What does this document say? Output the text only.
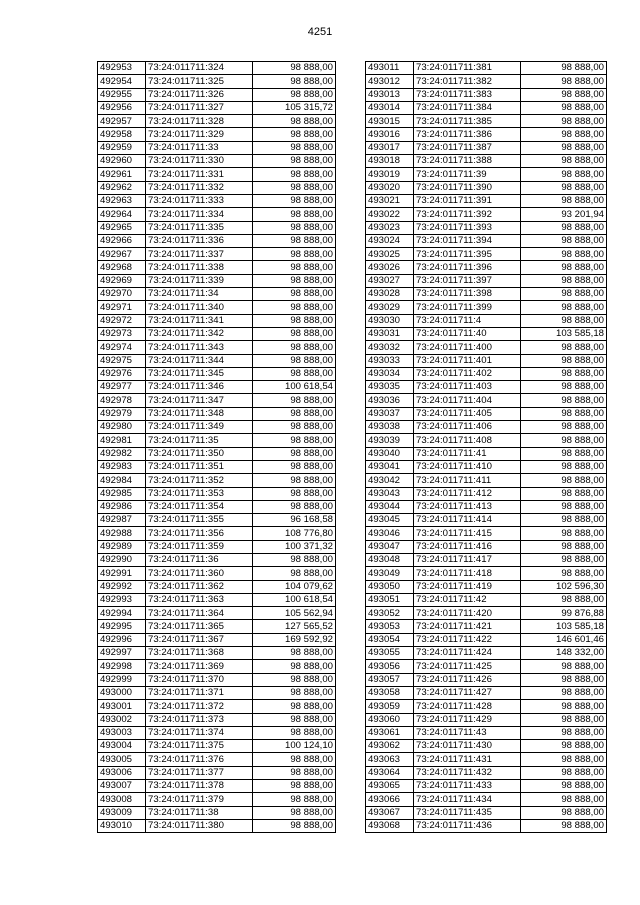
4251
492953	73:24:011711:324	98 888,00
492954	73:24:011711:325	98 888,00
492955	73:24:011711:326	98 888,00
492956	73:24:011711:327	105 315,72
492957	73:24:011711:328	98 888,00
492958	73:24:011711:329	98 888,00
492959	73:24:011711:33	98 888,00
492960	73:24:011711:330	98 888,00
492961	73:24:011711:331	98 888,00
492962	73:24:011711:332	98 888,00
492963	73:24:011711:333	98 888,00
492964	73:24:011711:334	98 888,00
492965	73:24:011711:335	98 888,00
492966	73:24:011711:336	98 888,00
492967	73:24:011711:337	98 888,00
492968	73:24:011711:338	98 888,00
492969	73:24:011711:339	98 888,00
492970	73:24:011711:34	98 888,00
492971	73:24:011711:340	98 888,00
492972	73:24:011711:341	98 888,00
492973	73:24:011711:342	98 888,00
492974	73:24:011711:343	98 888,00
492975	73:24:011711:344	98 888,00
492976	73:24:011711:345	98 888,00
492977	73:24:011711:346	100 618,54
492978	73:24:011711:347	98 888,00
492979	73:24:011711:348	98 888,00
492980	73:24:011711:349	98 888,00
492981	73:24:011711:35	98 888,00
492982	73:24:011711:350	98 888,00
492983	73:24:011711:351	98 888,00
492984	73:24:011711:352	98 888,00
492985	73:24:011711:353	98 888,00
492986	73:24:011711:354	98 888,00
492987	73:24:011711:355	96 168,58
492988	73:24:011711:356	108 776,80
492989	73:24:011711:359	100 371,32
492990	73:24:011711:36	98 888,00
492991	73:24:011711:360	98 888,00
492992	73:24:011711:362	104 079,62
492993	73:24:011711:363	100 618,54
492994	73:24:011711:364	105 562,94
492995	73:24:011711:365	127 565,52
492996	73:24:011711:367	169 592,92
492997	73:24:011711:368	98 888,00
492998	73:24:011711:369	98 888,00
492999	73:24:011711:370	98 888,00
493000	73:24:011711:371	98 888,00
493001	73:24:011711:372	98 888,00
493002	73:24:011711:373	98 888,00
493003	73:24:011711:374	98 888,00
493004	73:24:011711:375	100 124,10
493005	73:24:011711:376	98 888,00
493006	73:24:011711:377	98 888,00
493007	73:24:011711:378	98 888,00
493008	73:24:011711:379	98 888,00
493009	73:24:011711:38	98 888,00
493010	73:24:011711:380	98 888,00
493011	73:24:011711:381	98 888,00
493012	73:24:011711:382	98 888,00
493013	73:24:011711:383	98 888,00
493014	73:24:011711:384	98 888,00
493015	73:24:011711:385	98 888,00
493016	73:24:011711:386	98 888,00
493017	73:24:011711:387	98 888,00
493018	73:24:011711:388	98 888,00
493019	73:24:011711:39	98 888,00
493020	73:24:011711:390	98 888,00
493021	73:24:011711:391	98 888,00
493022	73:24:011711:392	93 201,94
493023	73:24:011711:393	98 888,00
493024	73:24:011711:394	98 888,00
493025	73:24:011711:395	98 888,00
493026	73:24:011711:396	98 888,00
493027	73:24:011711:397	98 888,00
493028	73:24:011711:398	98 888,00
493029	73:24:011711:399	98 888,00
493030	73:24:011711:4	98 888,00
493031	73:24:011711:40	103 585,18
493032	73:24:011711:400	98 888,00
493033	73:24:011711:401	98 888,00
493034	73:24:011711:402	98 888,00
493035	73:24:011711:403	98 888,00
493036	73:24:011711:404	98 888,00
493037	73:24:011711:405	98 888,00
493038	73:24:011711:406	98 888,00
493039	73:24:011711:408	98 888,00
493040	73:24:011711:41	98 888,00
493041	73:24:011711:410	98 888,00
493042	73:24:011711:411	98 888,00
493043	73:24:011711:412	98 888,00
493044	73:24:011711:413	98 888,00
493045	73:24:011711:414	98 888,00
493046	73:24:011711:415	98 888,00
493047	73:24:011711:416	98 888,00
493048	73:24:011711:417	98 888,00
493049	73:24:011711:418	98 888,00
493050	73:24:011711:419	102 596,30
493051	73:24:011711:42	98 888,00
493052	73:24:011711:420	99 876,88
493053	73:24:011711:421	103 585,18
493054	73:24:011711:422	146 601,46
493055	73:24:011711:424	148 332,00
493056	73:24:011711:425	98 888,00
493057	73:24:011711:426	98 888,00
493058	73:24:011711:427	98 888,00
493059	73:24:011711:428	98 888,00
493060	73:24:011711:429	98 888,00
493061	73:24:011711:43	98 888,00
493062	73:24:011711:430	98 888,00
493063	73:24:011711:431	98 888,00
493064	73:24:011711:432	98 888,00
493065	73:24:011711:433	98 888,00
493066	73:24:011711:434	98 888,00
493067	73:24:011711:435	98 888,00
493068	73:24:011711:436	98 888,00
